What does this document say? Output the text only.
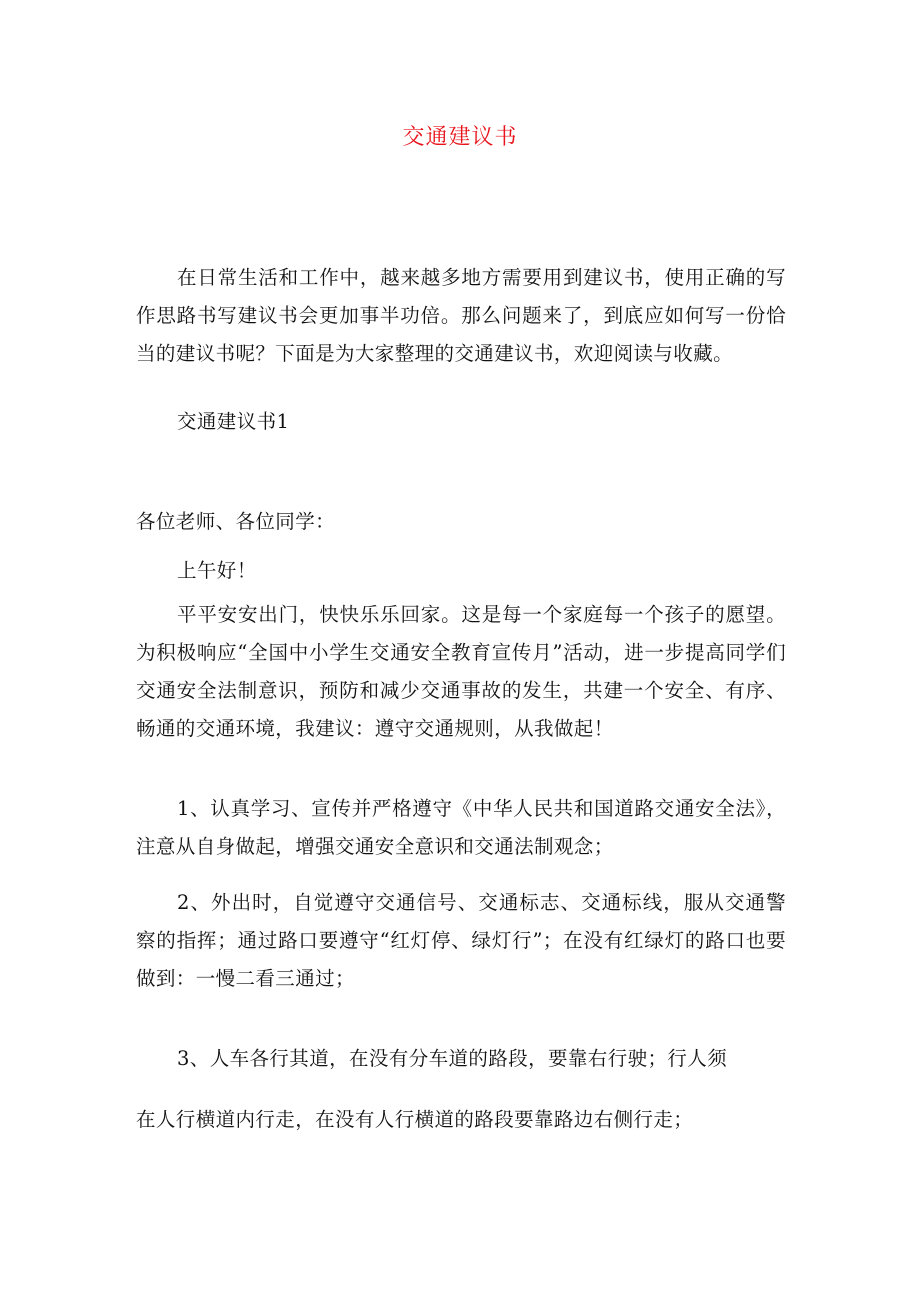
交通建议书

在日常生活和工作中，越来越多地方需要用到建议书，使用正确的写作思路书写建议书会更加事半功倍。那么问题来了，到底应如何写一份恰当的建议书呢？下面是为大家整理的交通建议书，欢迎阅读与收藏。

交通建议书1
各位老师、各位同学：
上午好！

平平安安出门，快快乐乐回家。这是每一个家庭每一个孩子的愿望。为积极响应“全国中小学生交通安全教育宣传月”活动，进一步提高同学们交通安全法制意识，预防和减少交通事故的发生，共建一个安全、有序、畅通的交通环境，我建议：遵守交通规则，从我做起！

1、认真学习、宣传并严格遵守《中华人民共和国道路交通安全法》，注意从自身做起，增强交通安全意识和交通法制观念；

2、外出时，自觉遵守交通信号、交通标志、交通标线，服从交通警察的指挥；通过路口要遵守“红灯停、绿灯行”；在没有红绿灯的路口也要做到：一慢二看三通过；

3、人车各行其道，在没有分车道的路段，要靠右行驶；行人须
在人行横道内行走，在没有人行横道的路段要靠路边右侧行走；
